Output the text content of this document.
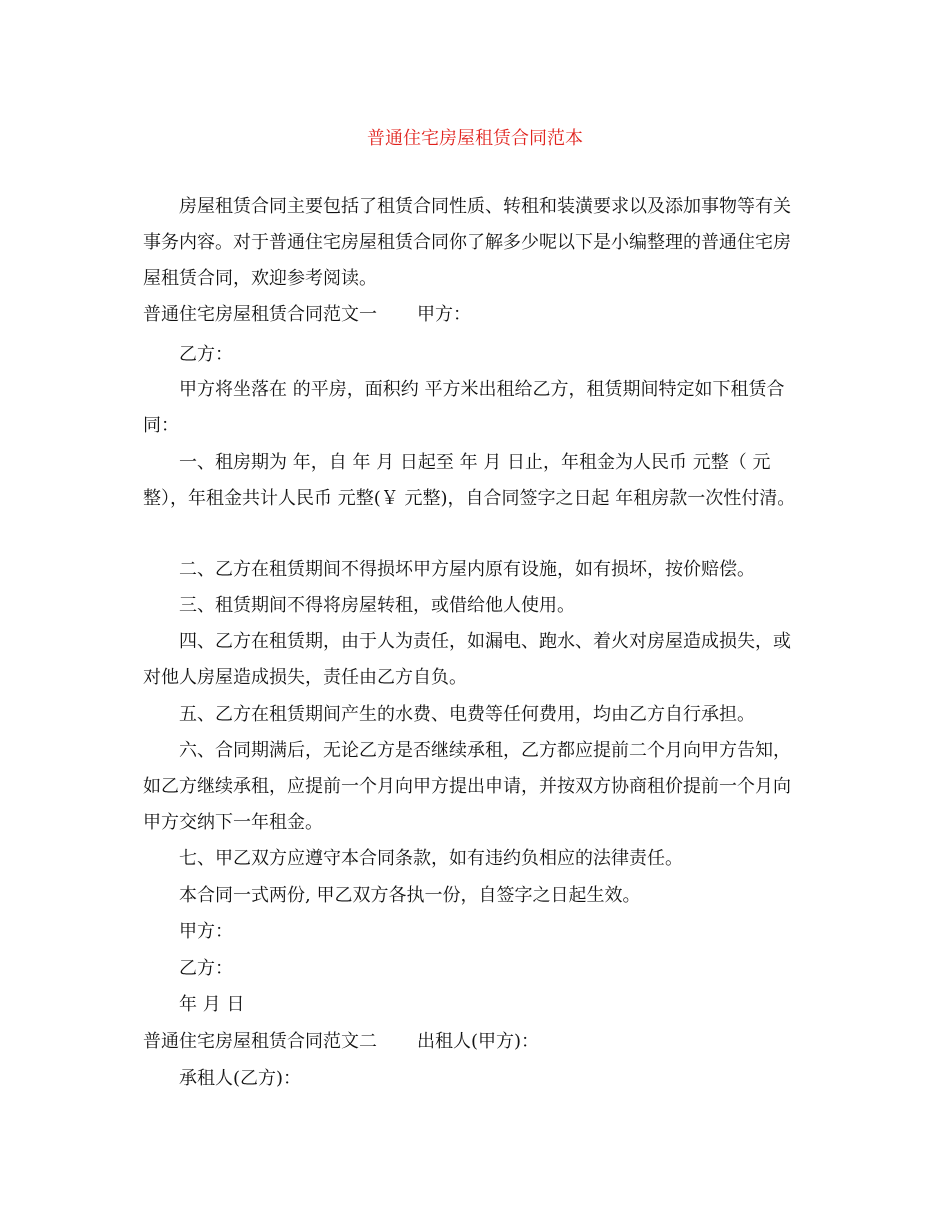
普通住宅房屋租赁合同范本

房屋租赁合同主要包括了租赁合同性质、转租和装潢要求以及添加事物等有关事务内容。对于普通住宅房屋租赁合同你了解多少呢以下是小编整理的普通住宅房屋租赁合同，欢迎参考阅读。

普通住宅房屋租赁合同范文一 甲方：
乙方：

甲方将坐落在 的平房，面积约 平方米出租给乙方，租赁期间特定如下租赁合同：

一、租房期为 年，自 年 月 日起至 年 月 日止，年租金为人民币 元整（ 元整），年租金共计人民币 元整(￥ 元整)，自合同签字之日起 年租房款一次性付清。

二、乙方在租赁期间不得损坏甲方屋内原有设施，如有损坏，按价赔偿。

三、租赁期间不得将房屋转租，或借给他人使用。

四、乙方在租赁期，由于人为责任，如漏电、跑水、着火对房屋造成损失，或对他人房屋造成损失，责任由乙方自负。

五、乙方在租赁期间产生的水费、电费等任何费用，均由乙方自行承担。

六、合同期满后，无论乙方是否继续承租，乙方都应提前二个月向甲方告知，如乙方继续承租，应提前一个月向甲方提出申请，并按双方协商租价提前一个月向甲方交纳下一年租金。

七、甲乙双方应遵守本合同条款，如有违约负相应的法律责任。

本合同一式两份, 甲乙双方各执一份，自签字之日起生效。
甲方：
乙方：
年 月 日
普通住宅房屋租赁合同范文二 出租人(甲方)：
承租人(乙方)：
